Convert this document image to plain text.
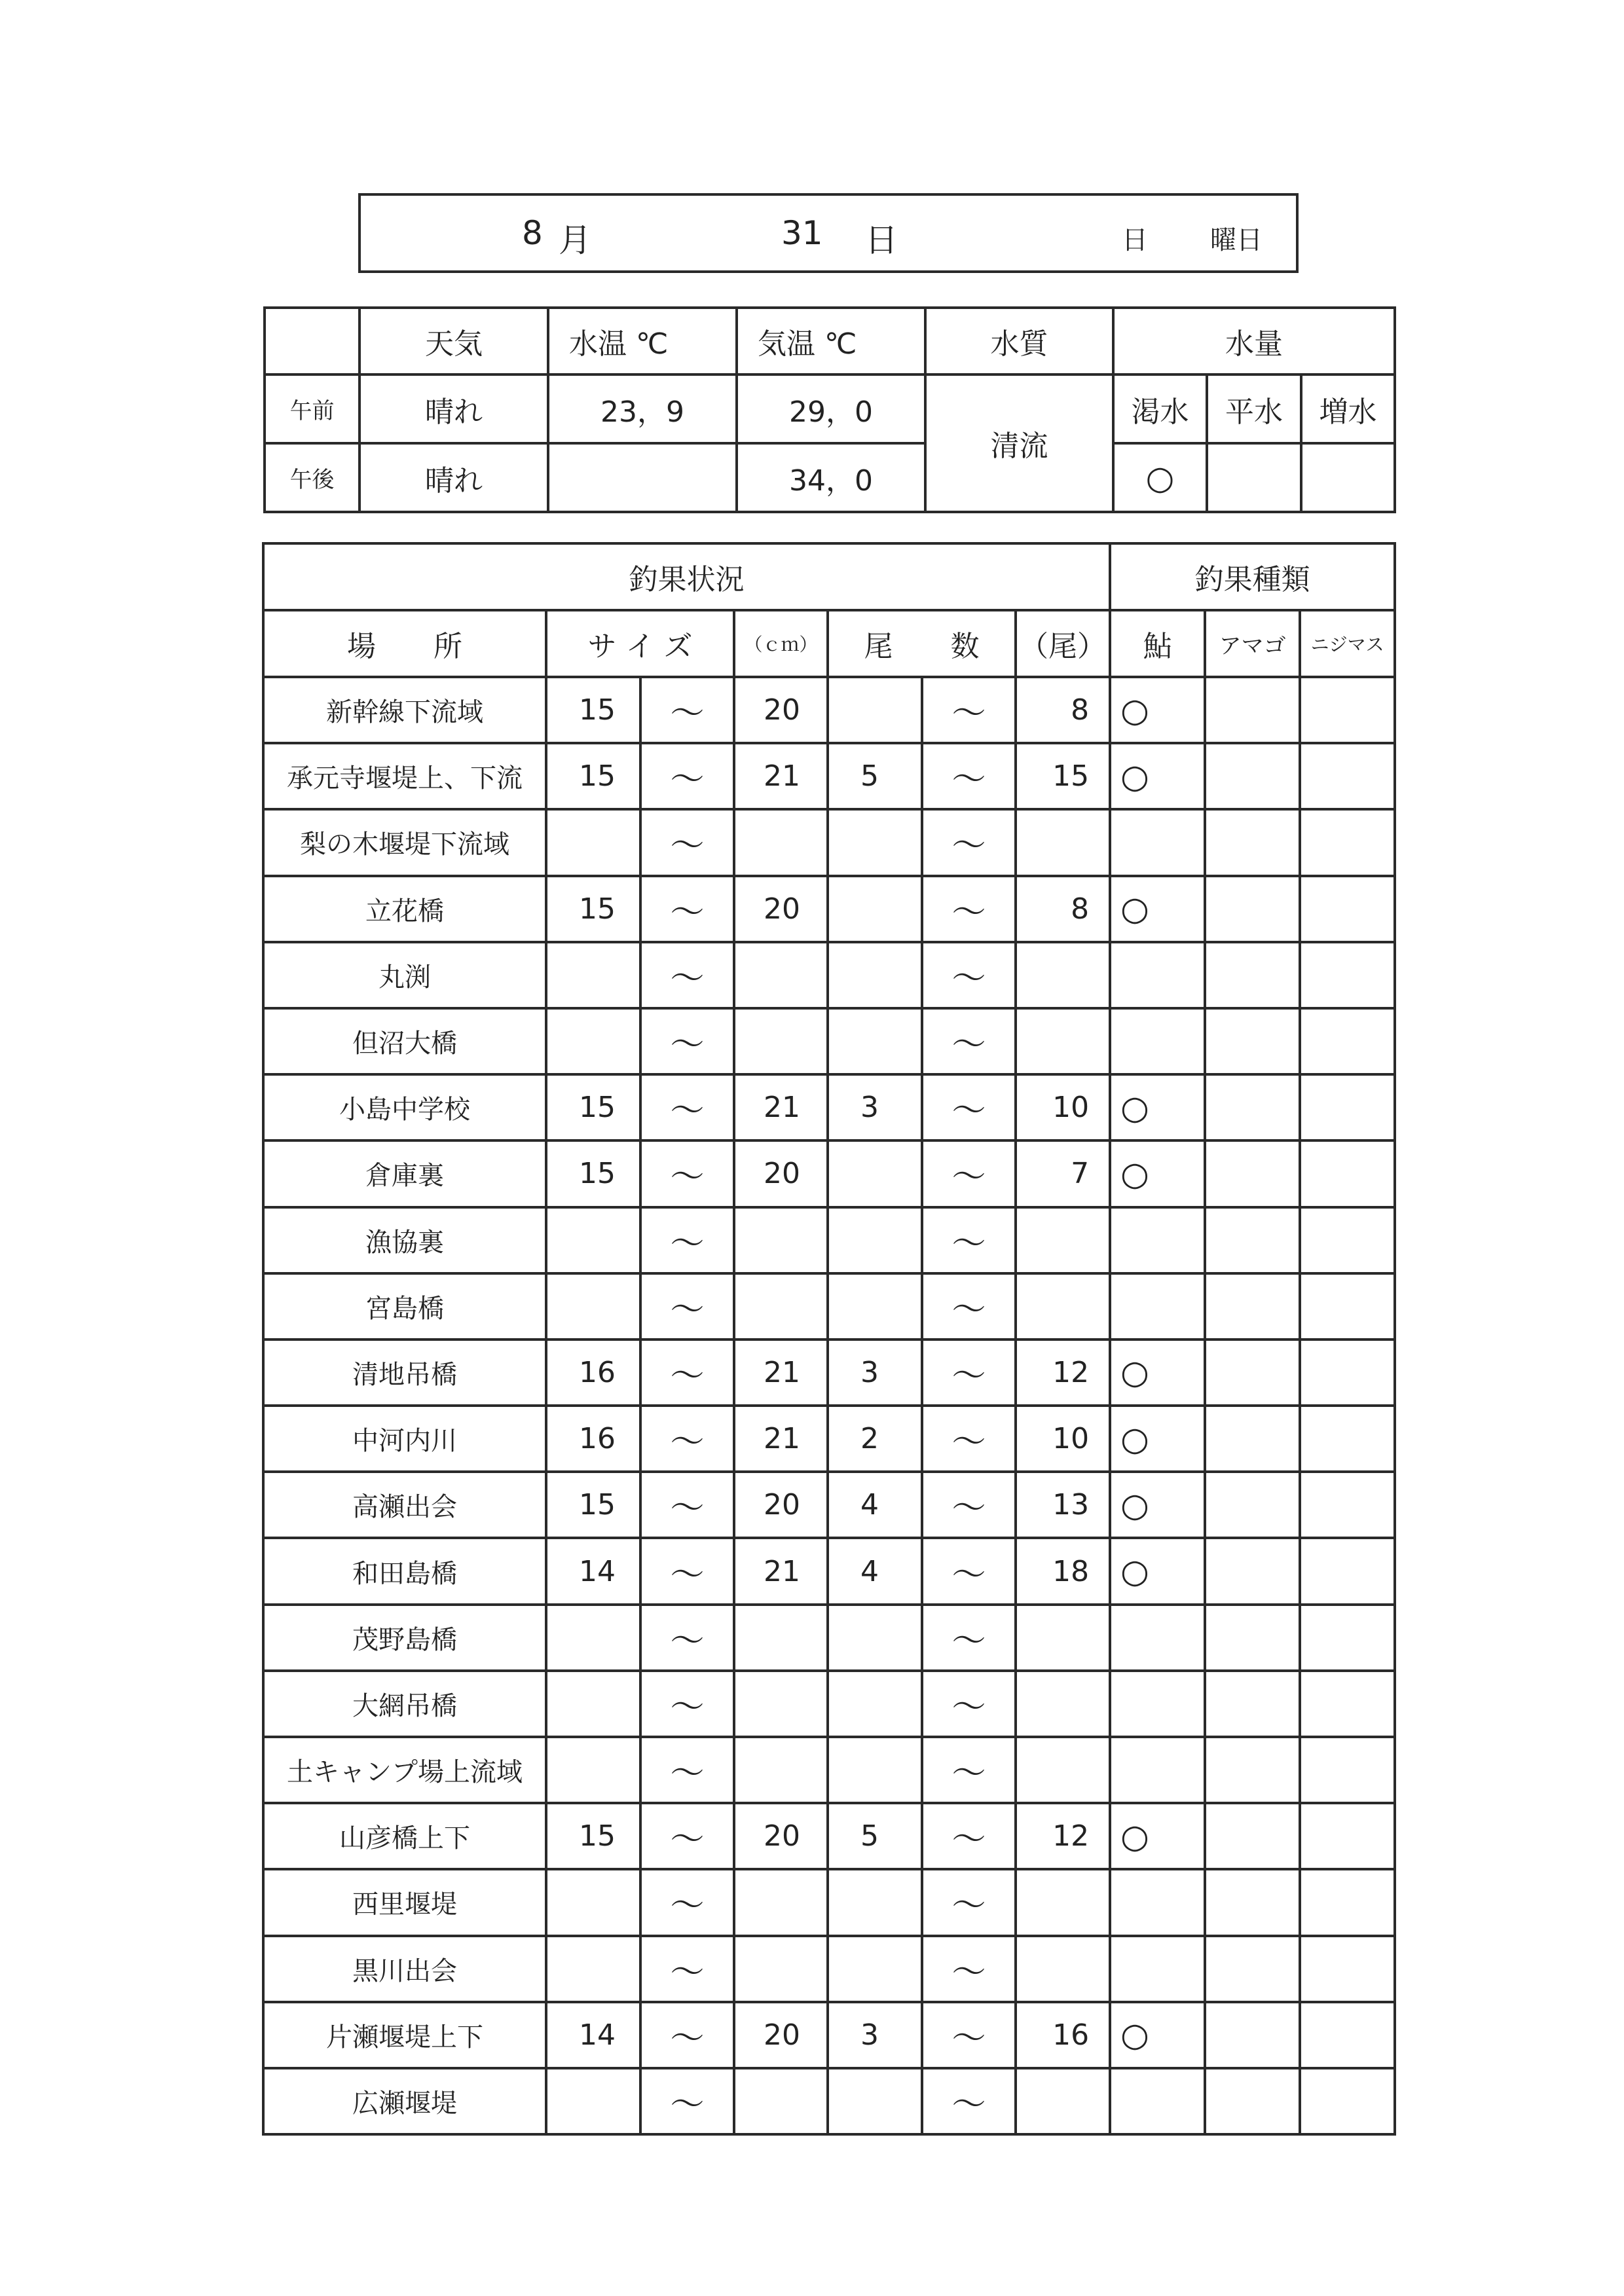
8 月	31 日	日 曜日
	天気	水温 ℃	気温 ℃	水質	水量		
午前	晴れ	23，9	29，0	清流	渇水	平水	増水
午後	晴れ		34，0		○		
釣果状況							釣果種類		
場　　所	サ イ ズ		（ｃｍ）	尾　　数		（尾）	鮎	アマゴ	ニジマス
新幹線下流域	15	～	20		～	8	○		
承元寺堰堤上、下流	15	～	21	5	～	15	○		
梨の木堰堤下流域		～			～				
立花橋	15	～	20		～	8	○		
丸渕		～			～				
但沼大橋		～			～				
小島中学校	15	～	21	3	～	10	○		
倉庫裏	15	～	20		～	7	○		
漁協裏		～			～				
宮島橋		～			～				
清地吊橋	16	～	21	3	～	12	○		
中河内川	16	～	21	2	～	10	○		
高瀬出会	15	～	20	4	～	13	○		
和田島橋	14	～	21	4	～	18	○		
茂野島橋		～			～				
大網吊橋		～			～				
土キャンプ場上流域		～			～				
山彦橋上下	15	～	20	5	～	12	○		
西里堰堤		～			～				
黒川出会		～			～				
片瀬堰堤上下	14	～	20	3	～	16	○		
広瀬堰堤		～			～				
